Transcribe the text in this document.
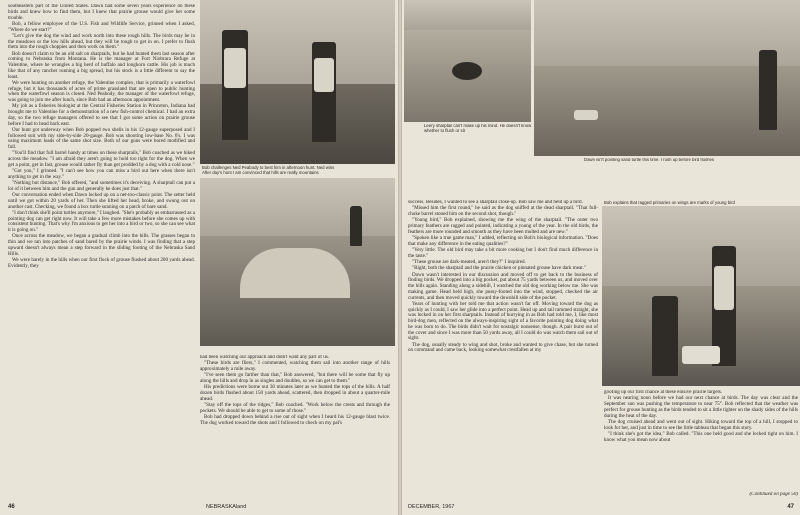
southeastern part of the United States. Dawn had some seven years experience on these birds and knew how to find them, but I knew that prairie grouse would give her some trouble.

Bob, a fellow employee of the U.S. Fish and Wildlife Service, grinned when I asked, "Where do we start?"

"Let's give the dog the wind and work north into these rough hills. The birds may be in the meadows or the low hills ahead, but they will be tough to get in on. I prefer to flush them into the rough choppies and then work on them."

Bob doesn't claim to be an old salt on sharptails, but he had hunted them last season after coming to Nebraska from Montana. He is the manager at Fort Niobrara Refuge at Valentine, where he wrangles a big herd of buffalo and longhorn cattle. His job is much like that of any rancher running a big spread, but his stock is a little different to say the least.

We were hunting on another refuge, the Valentine complex, that is primarily a waterfowl refuge, but it has thousands of acres of prime grassland that are open to public hunting when the waterfowl season is closed. Ned Peabody, the manager of the waterfowl refuge, was going to join me after lunch, since Bob had an afternoon appointment.

My job as a fisheries biologist at the Central Fisheries Station in Princeton, Indiana had brought me to Valentine for a demonstration of a new fish-control chemical. I had an extra day, so the two refuge managers offered to see that I got some action on prairie grouse before I had to head back east.

Our hunt got underway when Bob popped two shells in his 12-gauge superposed and I followed suit with my side-by-side 20-gauge. Bob was shooting low-base No. 6's. I was using maximum loads of the same shot size. Both of our guns were bored modified and full.

"You'll find that full barrel handy at times on these sharptails," Bob coached as we hiked across the meadow. "I am afraid they aren't going to hold too tight for the dog. When we get a point, get in fast, grouse would rather fly than get prodded by a dog with a cold nose."

"Got you," I grinned. "I can't see how you can miss a bird out here when there isn't anything to get in the way."

"Nothing but distance," Bob offered, "and sometimes it's deceiving. A sharptail can put a lot of it between him and the gun and generally he does just that."

Our conversation ended when Dawn locked up on a net-too-classic point. The setter held until we got within 20 yards of her. Then she lifted her head, broke, and swung out on another cast. Checking, we found a box turtle sunning on a patch of bare sand.

"I don't think she'll point turtles anymore," I laughed. "She's probably as embarrassed as a pointing dog can get right now. It will take a few more mistakes before she comes up with consistent hunting. That's why I'm anxious to get her into a bird or two, so she can see what it is going on."

Once across the meadow, we began a gradual climb into the hills. The grasses began to thin and we ran into patches of sand bared by the prairie winds. I was finding that a step upward doesn't always mean a step forward in the sliding footing of the Nebraska Sand Hills.

We were barely in the hills when our first flock of grouse flushed about 200 yards ahead. Evidently, they

Bob challenges Ned Peabody to best him in afternoon hunt. Ned wins
After day's hunt I am convinced that hills are really mountains

had been watching our approach and didn't want any part of us.

"These birds are fliers," I commented, watching them sail into another range of hills approximately a mile away.

"I've seen them go farther than that," Bob answered, "but there will be some that fly up along the hills and drop in as singles and doubles, so we can get to them."

His predictions were borne out 30 minutes later as we hunted the tops of the hills. A half dozen birds flushed about 150 yards ahead, scattered, then dropped in about a quarter-mile ahead.

"Stay off the tops of the ridges," Bob coached. "Work below the crests and through the pockets. We should be able to get to some of those."

Bob had dropped down behind a rise out of sight when I heard his 12-gauge blast twice. The dog worked toward the shots and I followed to check on my pal's

46	NEBRASKAland
Leery sharptail can't make up his mind. He doesn't know whether to flush or sit
Dawn isn't pointing sand turtle this time. I rush up before bird flushes
Bob explains that ragged primaries on wings are marks of young bird

success. Besides, I wanted to see a sharptail close-up. Bob saw me and held up a bird.

"Missed him the first round," he said as the dog sniffed at the dead sharptail. "That full-choke barrel stoned him on the second shot, though."

"Young bird," Bob explained, showing me the wing of the sharptail. "The outer two primary feathers are ragged and pointed, indicating a young of the year. In the old birds, the feathers are more rounded and smooth as they have been molted and are new."

"Spoken like a true game man," I added, reflecting on Bob's biological information. "Does that make any difference in the eating qualities?"

"Very little. The old bird may take a bit more cooking but I don't find much difference in the taste."

"These grouse are dark-meated, aren't they?" I inquired.

"Right, both the sharptail and the prairie chicken or pinnated grouse have dark meat."

Dawn wasn't interested in our discussion and moved off to get back to the business of finding birds. We dropped into a big pocket, put about 75 yards between us, and moved over the hills again. Standing along a sidehill, I watched the old dog working below me. She was making game. Head held high, she pussy-footed into the wind, stopped, checked the air currents, and then moved quickly toward the downhill side of the pocket.

Years of hunting with her told me that action wasn't far off. Moving toward the dog as quickly as I could, I saw her glide into a perfect point. Head up and tail rammed straight, she was locked in on her first sharptails. Instead of hurrying in as Bob had told me, I, like most bird-dog men, reflected on the always-inspiring sight of a favorite pointing dog doing what he was born to do. The birds didn't wait for nostalgic nonsense, though. A pair burst out of the cover and since I was more than 50 yards away, all I could do was watch them sail out of sight.

The dog, usually steady to wing and shot, broke and wanted to give chase, but she turned on command and came back, looking somewhat crestfallen at my

goofing up our first chance at these elusive prairie targets.

It was nearing noon before we had our next chance at birds. The day was clear and the September sun was pushing the temperature to near 75°. Bob reflected that the weather was perfect for grouse hunting as the birds tended to sit a little tighter on the shady sides of the hills during the heat of the day.

The dog cruised ahead and went out of sight. Hiking toward the top of a hill, I stopped to look for her, and just in time to see the little tableau that began this story.

"I think she's got the idea," Bob called. "This one held good and she locked tight on him. I know what you mean now about

(Continued on page 50)
DECEMBER, 1967	47
